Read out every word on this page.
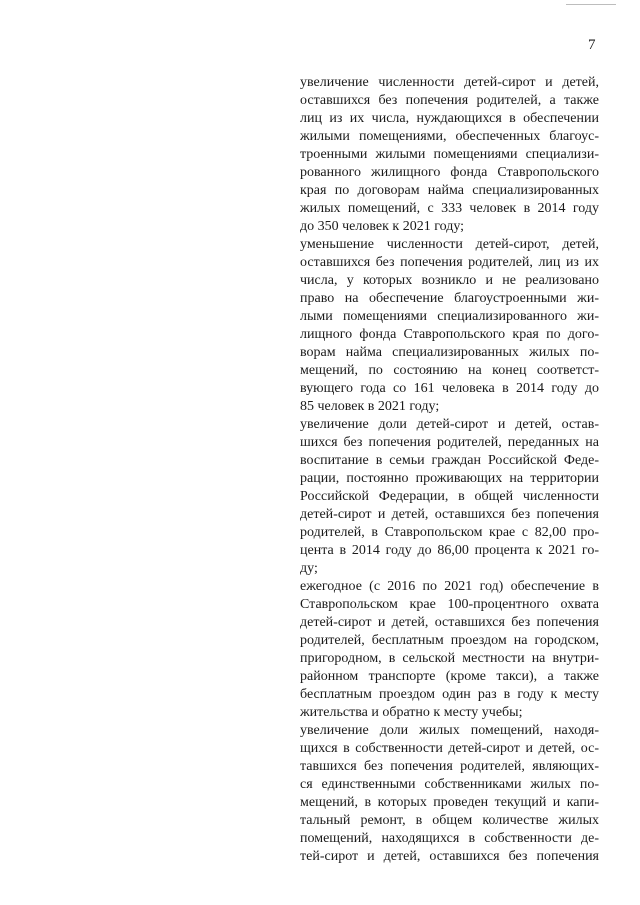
7
увеличение численности детей-сирот и детей,
оставшихся без попечения родителей, а также
лиц из их числа, нуждающихся в обеспечении
жилыми помещениями, обеспеченных благоус-
троенными жилыми помещениями специализи-
рованного жилищного фонда Ставропольского
края по договорам найма специализированных
жилых помещений, с 333 человек в 2014 году
до 350 человек к 2021 году;
уменьшение численности детей-сирот, детей,
оставшихся без попечения родителей, лиц из их
числа, у которых возникло и не реализовано
право на обеспечение благоустроенными жи-
лыми помещениями специализированного жи-
лищного фонда Ставропольского края по дого-
ворам найма специализированных жилых по-
мещений, по состоянию на конец соответст-
вующего года со 161 человека в 2014 году до
85 человек в 2021 году;
увеличение доли детей-сирот и детей, остав-
шихся без попечения родителей, переданных на
воспитание в семьи граждан Российской Феде-
рации, постоянно проживающих на территории
Российской Федерации, в общей численности
детей-сирот и детей, оставшихся без попечения
родителей, в Ставропольском крае с 82,00 про-
цента в 2014 году до 86,00 процента к 2021 го-
ду;
ежегодное (с 2016 по 2021 год) обеспечение в
Ставропольском крае 100-процентного охвата
детей-сирот и детей, оставшихся без попечения
родителей, бесплатным проездом на городском,
пригородном, в сельской местности на внутри-
районном транспорте (кроме такси), а также
бесплатным проездом один раз в году к месту
жительства и обратно к месту учебы;
увеличение доли жилых помещений, находя-
щихся в собственности детей-сирот и детей, ос-
тавшихся без попечения родителей, являющих-
ся единственными собственниками жилых по-
мещений, в которых проведен текущий и капи-
тальный ремонт, в общем количестве жилых
помещений, находящихся в собственности де-
тей-сирот и детей, оставшихся без попечения
